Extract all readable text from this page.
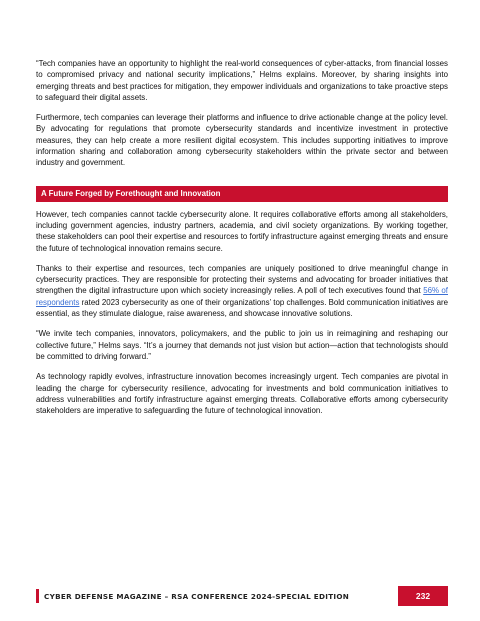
“Tech companies have an opportunity to highlight the real-world consequences of cyber-attacks, from financial losses to compromised privacy and national security implications,” Helms explains. Moreover, by sharing insights into emerging threats and best practices for mitigation, they empower individuals and organizations to take proactive steps to safeguard their digital assets.

Furthermore, tech companies can leverage their platforms and influence to drive actionable change at the policy level. By advocating for regulations that promote cybersecurity standards and incentivize investment in protective measures, they can help create a more resilient digital ecosystem. This includes supporting initiatives to improve information sharing and collaboration among cybersecurity stakeholders within the private sector and between industry and government.

A Future Forged by Forethought and Innovation

However, tech companies cannot tackle cybersecurity alone. It requires collaborative efforts among all stakeholders, including government agencies, industry partners, academia, and civil society organizations. By working together, these stakeholders can pool their expertise and resources to fortify infrastructure against emerging threats and ensure the future of technological innovation remains secure.

Thanks to their expertise and resources, tech companies are uniquely positioned to drive meaningful change in cybersecurity practices. They are responsible for protecting their systems and advocating for broader initiatives that strengthen the digital infrastructure upon which society increasingly relies. A poll of tech executives found that 56% of respondents rated 2023 cybersecurity as one of their organizations’ top challenges. Bold communication initiatives are essential, as they stimulate dialogue, raise awareness, and showcase innovative solutions.

“We invite tech companies, innovators, policymakers, and the public to join us in reimagining and reshaping our collective future,” Helms says. “It’s a journey that demands not just vision but action—action that technologists should be committed to driving forward.”

As technology rapidly evolves, infrastructure innovation becomes increasingly urgent. Tech companies are pivotal in leading the charge for cybersecurity resilience, advocating for investments and bold communication initiatives to address vulnerabilities and fortify infrastructure against emerging threats. Collaborative efforts among cybersecurity stakeholders are imperative to safeguarding the future of technological innovation.

CYBER DEFENSE MAGAZINE – RSA CONFERENCE 2024-SPECIAL EDITION	232
